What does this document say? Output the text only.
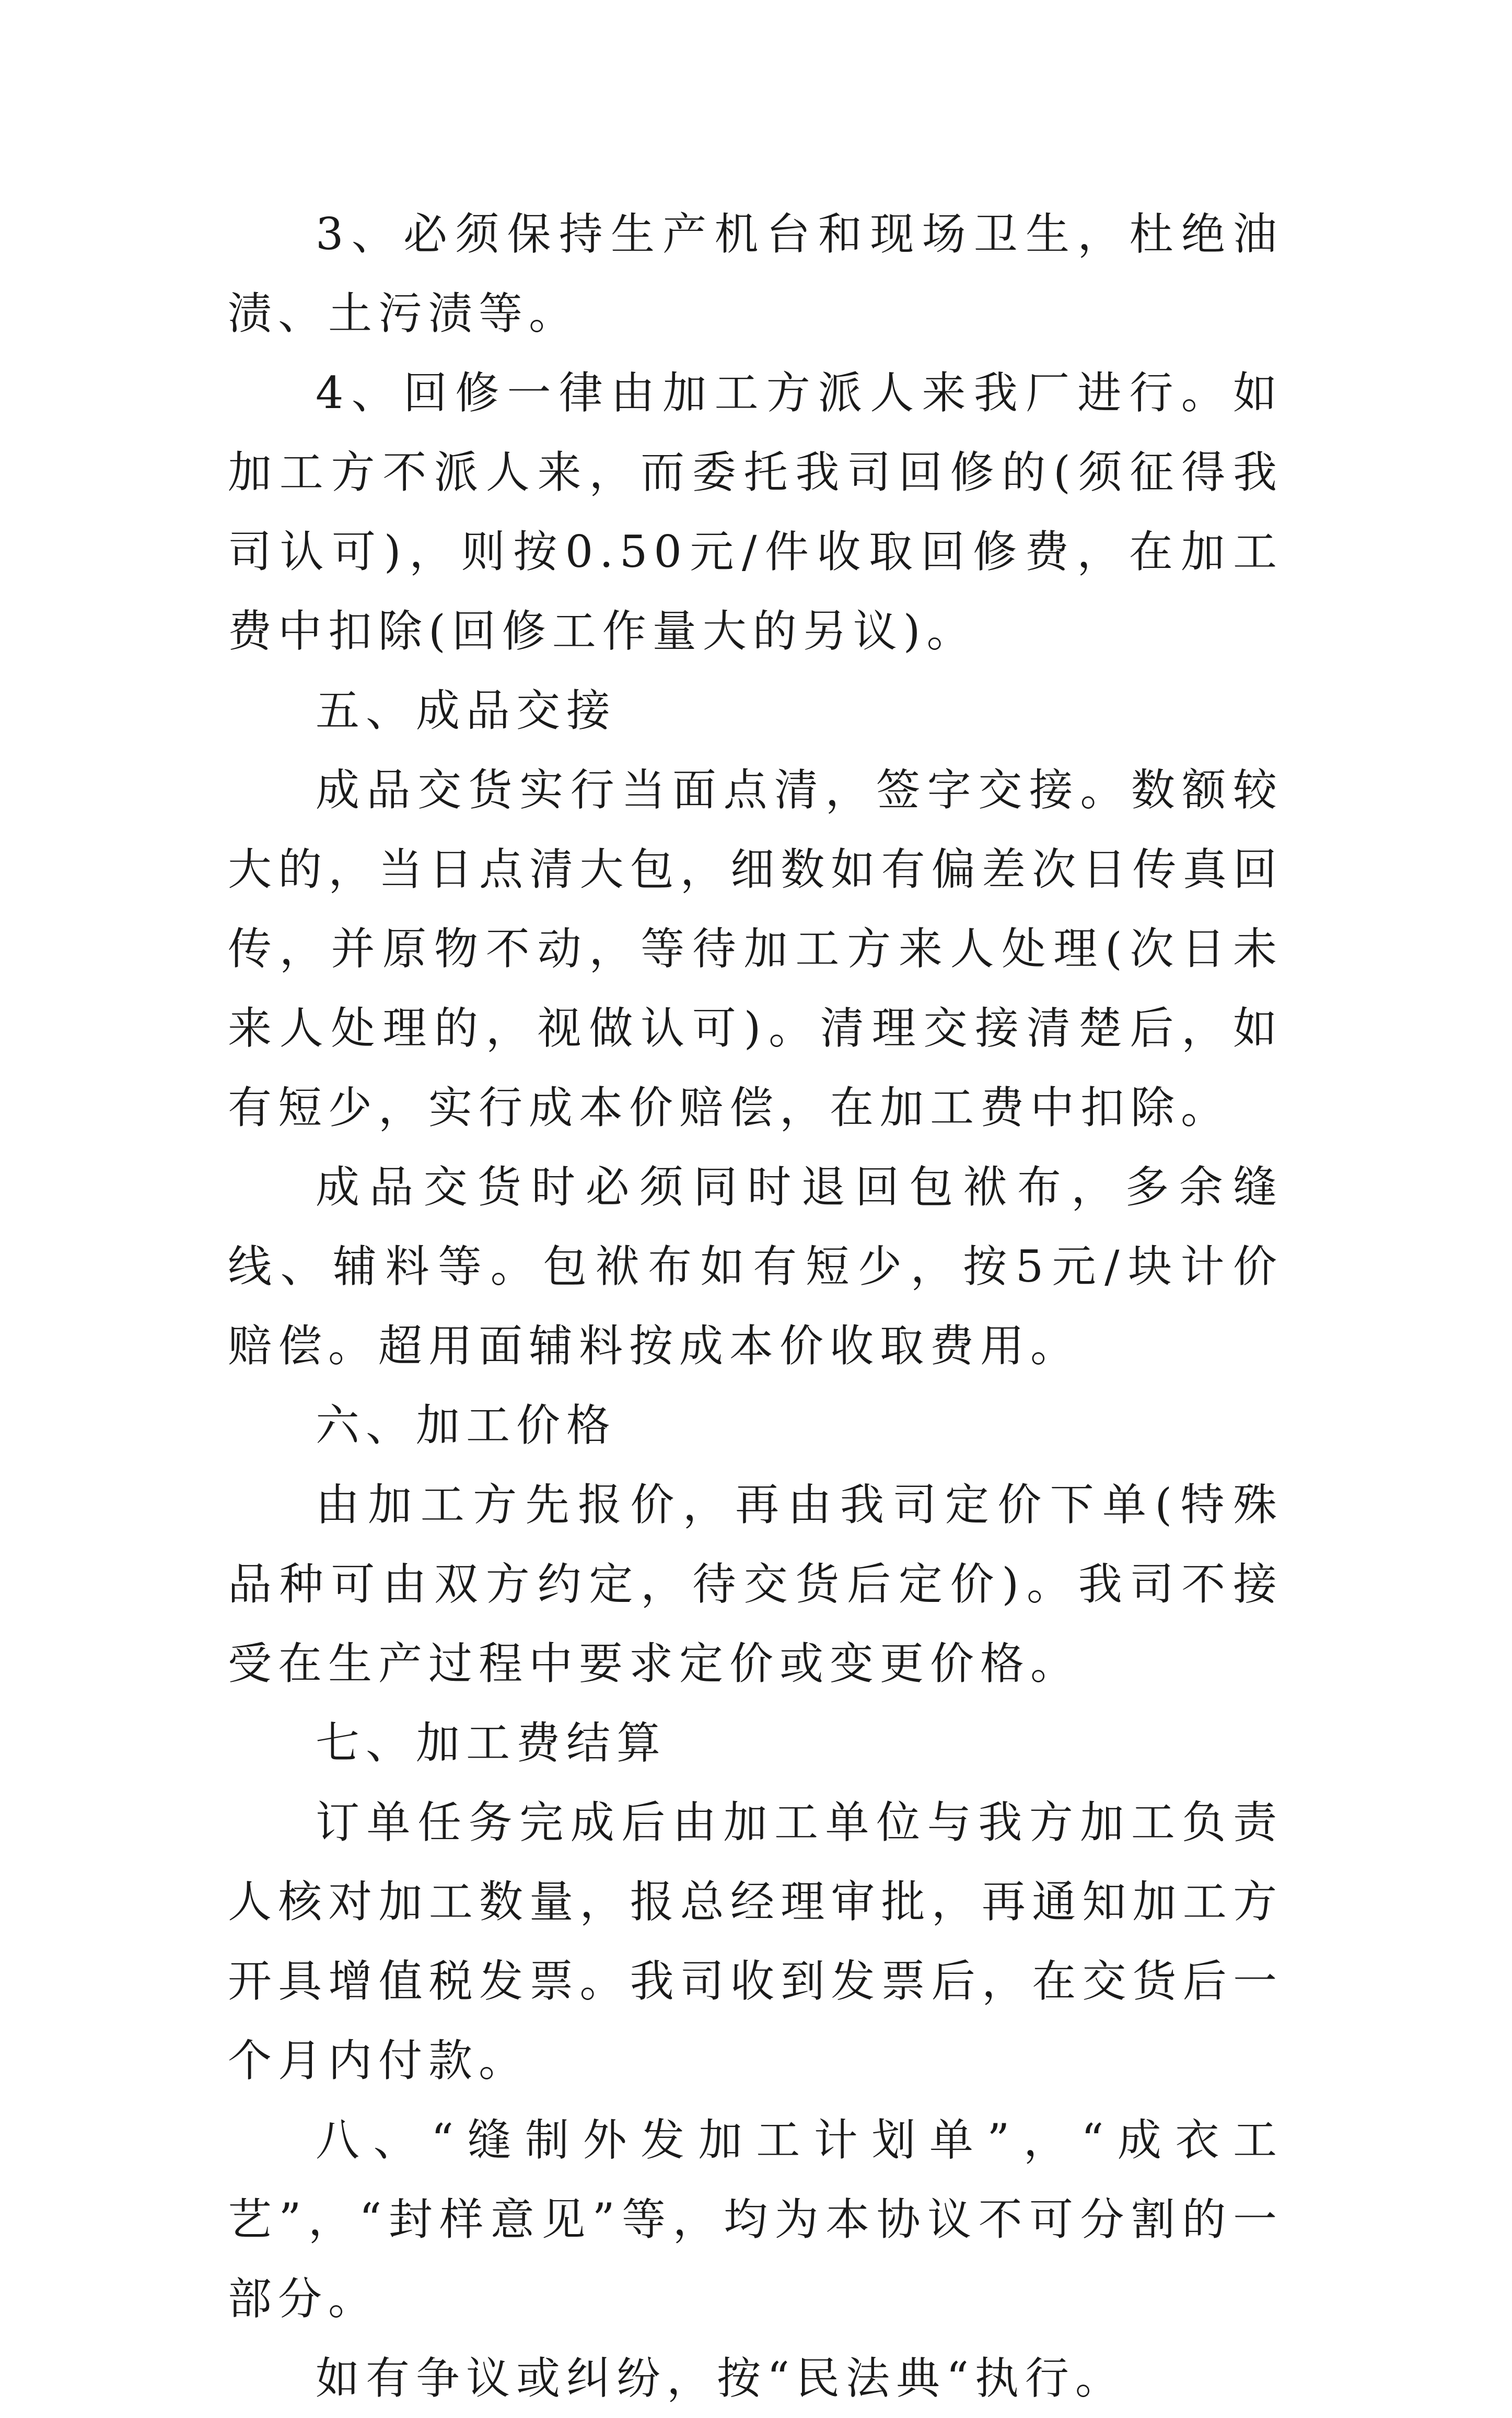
3、必须保持生产机台和现场卫生，杜绝油渍、土污渍等。

4、回修一律由加工方派人来我厂进行。如加工方不派人来，而委托我司回修的(须征得我司认可)，则按0.50元/件收取回修费，在加工费中扣除(回修工作量大的另议)。

五、成品交接

成品交货实行当面点清，签字交接。数额较大的，当日点清大包，细数如有偏差次日传真回传，并原物不动，等待加工方来人处理(次日未来人处理的，视做认可)。清理交接清楚后，如有短少，实行成本价赔偿，在加工费中扣除。

成品交货时必须同时退回包袱布，多余缝线、辅料等。包袱布如有短少，按5元/块计价赔偿。超用面辅料按成本价收取费用。

六、加工价格

由加工方先报价，再由我司定价下单(特殊品种可由双方约定，待交货后定价)。我司不接受在生产过程中要求定价或变更价格。

七、加工费结算

订单任务完成后由加工单位与我方加工负责人核对加工数量，报总经理审批，再通知加工方开具增值税发票。我司收到发票后，在交货后一个月内付款。

八、“缝制外发加工计划单”，“成衣工艺”，“封样意见”等，均为本协议不可分割的一部分。

如有争议或纠纷，按“民法典“执行。
